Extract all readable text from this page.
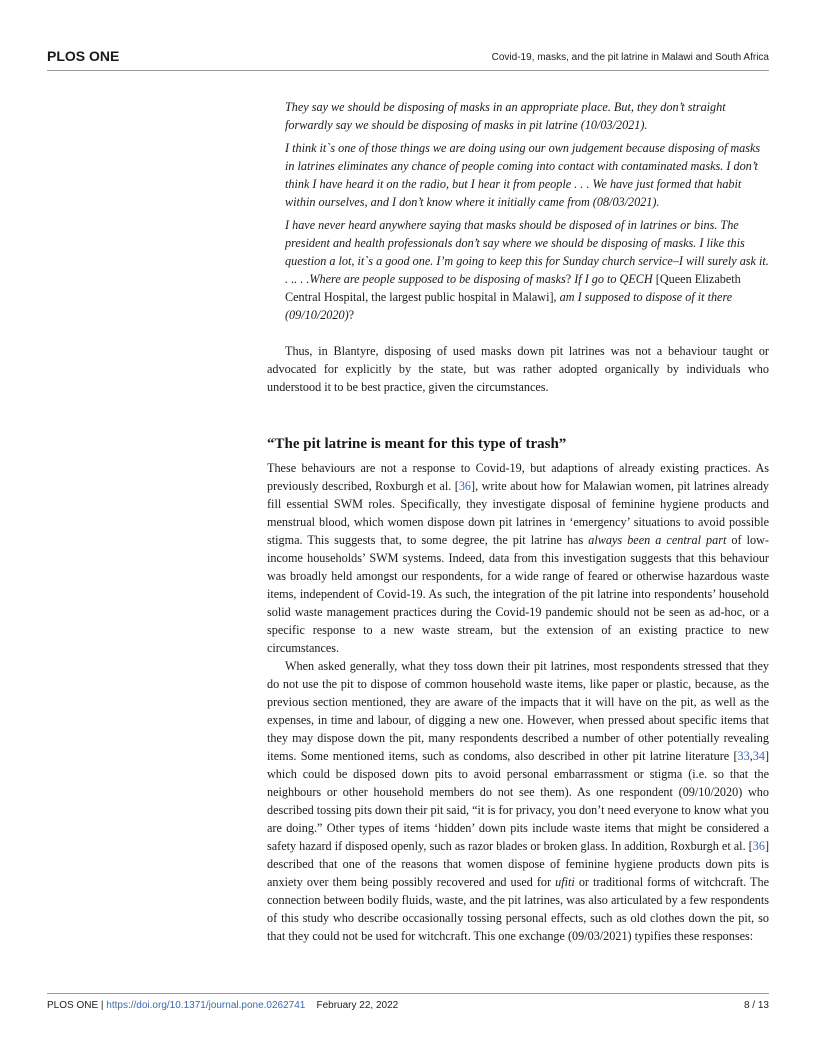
PLOS ONE	Covid-19, masks, and the pit latrine in Malawi and South Africa

They say we should be disposing of masks in an appropriate place. But, they don’t straight forwardly say we should be disposing of masks in pit latrine (10/03/2021).

I think it`s one of those things we are doing using our own judgement because disposing of masks in latrines eliminates any chance of people coming into contact with contaminated masks. I don’t think I have heard it on the radio, but I hear it from people . . . We have just formed that habit within ourselves, and I don’t know where it initially came from (08/03/2021).

I have never heard anywhere saying that masks should be disposed of in latrines or bins. The president and health professionals don’t say where we should be disposing of masks. I like this question a lot, it`s a good one. I’m going to keep this for Sunday church service–I will surely ask it. . .. . .Where are people supposed to be disposing of masks? If I go to QECH [Queen Elizabeth Central Hospital, the largest public hospital in Malawi], am I supposed to dispose of it there (09/10/2020)?

Thus, in Blantyre, disposing of used masks down pit latrines was not a behaviour taught or advocated for explicitly by the state, but was rather adopted organically by individuals who understood it to be best practice, given the circumstances.

“The pit latrine is meant for this type of trash”

These behaviours are not a response to Covid-19, but adaptions of already existing practices. As previously described, Roxburgh et al. [36], write about how for Malawian women, pit latrines already fill essential SWM roles. Specifically, they investigate disposal of feminine hygiene products and menstrual blood, which women dispose down pit latrines in ‘emergency’ situations to avoid possible stigma. This suggests that, to some degree, the pit latrine has always been a central part of low-income households’ SWM systems. Indeed, data from this investigation suggests that this behaviour was broadly held amongst our respondents, for a wide range of feared or otherwise hazardous waste items, independent of Covid-19. As such, the integration of the pit latrine into respondents’ household solid waste management practices during the Covid-19 pandemic should not be seen as ad-hoc, or a specific response to a new waste stream, but the extension of an existing practice to new circumstances.

When asked generally, what they toss down their pit latrines, most respondents stressed that they do not use the pit to dispose of common household waste items, like paper or plastic, because, as the previous section mentioned, they are aware of the impacts that it will have on the pit, as well as the expenses, in time and labour, of digging a new one. However, when pressed about specific items that they may dispose down the pit, many respondents described a number of other potentially revealing items. Some mentioned items, such as condoms, also described in other pit latrine literature [33,34] which could be disposed down pits to avoid personal embarrassment or stigma (i.e. so that the neighbours or other household members do not see them). As one respondent (09/10/2020) who described tossing pits down their pit said, “it is for privacy, you don’t need everyone to know what you are doing.” Other types of items ‘hidden’ down pits include waste items that might be considered a safety hazard if disposed openly, such as razor blades or broken glass. In addition, Roxburgh et al. [36] described that one of the reasons that women dispose of feminine hygiene products down pits is anxiety over them being possibly recovered and used for ufiti or traditional forms of witchcraft. The connection between bodily fluids, waste, and the pit latrines, was also articulated by a few respondents of this study who describe occasionally tossing personal effects, such as old clothes down the pit, so that they could not be used for witchcraft. This one exchange (09/03/2021) typifies these responses:

PLOS ONE | https://doi.org/10.1371/journal.pone.0262741 February 22, 2022	8 / 13
